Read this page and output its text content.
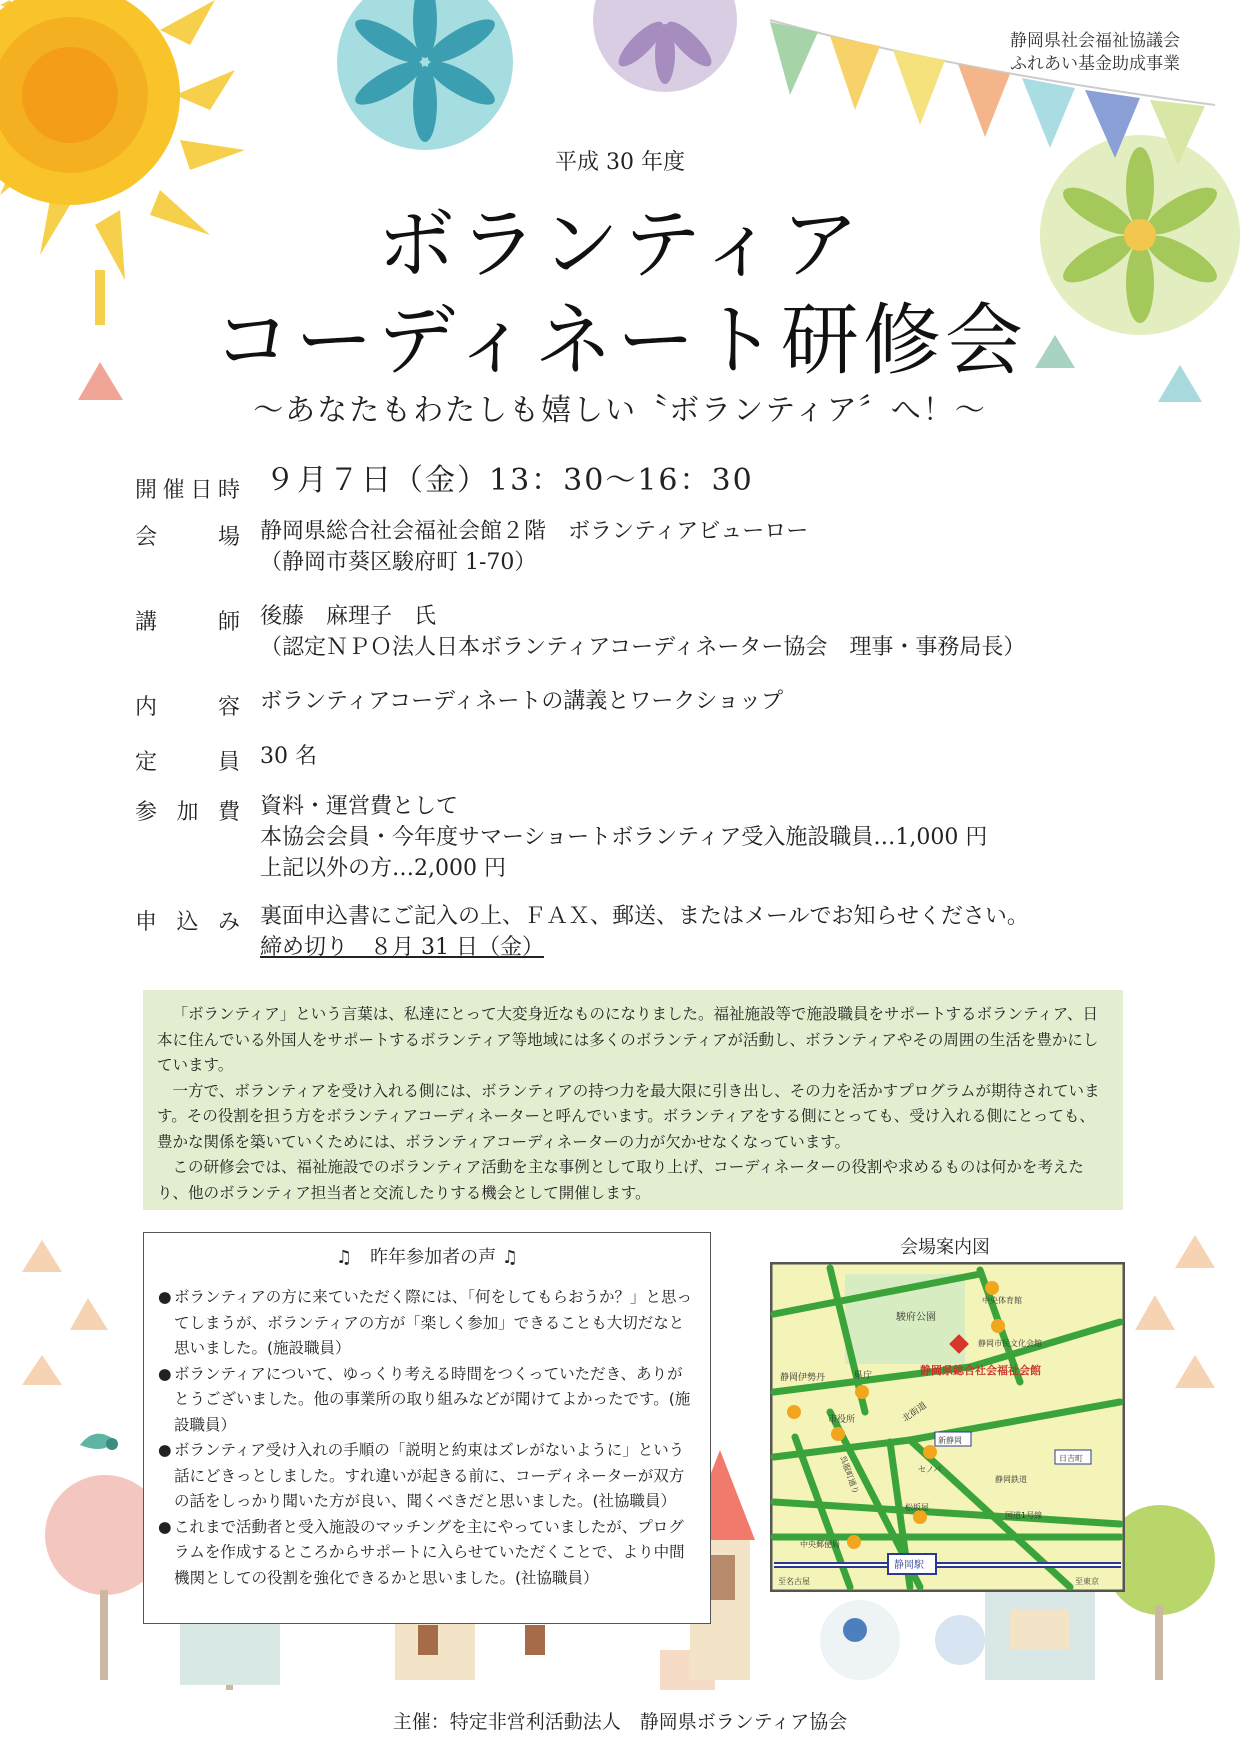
静岡県社会福祉協議会
ふれあい基金助成事業
平成 30 年度
ボランティア
コーディネート研修会
～あなたもわたしも嬉しい〝ボランティア〞へ！～
開催日時 ９月７日（金）13：30～16：30
会場 静岡県総合社会福祉会館２階　ボランティアビューロー
（静岡市葵区駿府町 1-70）
講師 後藤　麻理子　氏
（認定ＮＰＯ法人日本ボランティアコーディネーター協会　理事・事務局長）
内容 ボランティアコーディネートの講義とワークショップ
定員 30 名
参加費 資料・運営費として
本協会会員・今年度サマーショートボランティア受入施設職員…1,000 円
上記以外の方…2,000 円
申込み 裏面申込書にご記入の上、ＦＡＸ、郵送、またはメールでお知らせください。
締め切り　８月 31 日（金）

「ボランティア」という言葉は、私達にとって大変身近なものになりました。福祉施設等で施設職員をサポートするボランティア、日本に住んでいる外国人をサポートするボランティア等地域には多くのボランティアが活動し、ボランティアやその周囲の生活を豊かにしています。

一方で、ボランティアを受け入れる側には、ボランティアの持つ力を最大限に引き出し、その力を活かすプログラムが期待されています。その役割を担う方をボランティアコーディネーターと呼んでいます。ボランティアをする側にとっても、受け入れる側にとっても、豊かな関係を築いていくためには、ボランティアコーディネーターの力が欠かせなくなっています。

この研修会では、福祉施設でのボランティア活動を主な事例として取り上げ、コーディネーターの役割や求めるものは何かを考えたり、他のボランティア担当者と交流したりする機会として開催します。

♫　昨年参加者の声 ♫
● ボランティアの方に来ていただく際には、「何をしてもらおうか？」と思ってしまうが、ボランティアの方が「楽しく参加」できることも大切だなと思いました。(施設職員）
● ボランティアについて、ゆっくり考える時間をつくっていただき、ありがとうございました。他の事業所の取り組みなどが聞けてよかったです。(施設職員）
● ボランティア受け入れの手順の「説明と約束はズレがないように」という話にどきっとしました。すれ違いが起きる前に、コーディネーターが双方の話をしっかり聞いた方が良い、聞くべきだと思いました。(社協職員）
● これまで活動者と受入施設のマッチングを主にやっていましたが、プログラムを作成するところからサポートに入らせていただくことで、より中間機関としての役割を強化できるかと思いました。(社協職員）
会場案内図
駿府公園
中央体育館
静岡市民文化会館
静岡県総合社会福祉会館
静岡伊勢丹	県庁
市役所	北街道
呉服町通り
新静岡
セノバ
日吉町
静岡鉄道
松坂屋
国道1号線
中央郵便局
静岡駅
至名古屋	至東京
主催：特定非営利活動法人　静岡県ボランティア協会
